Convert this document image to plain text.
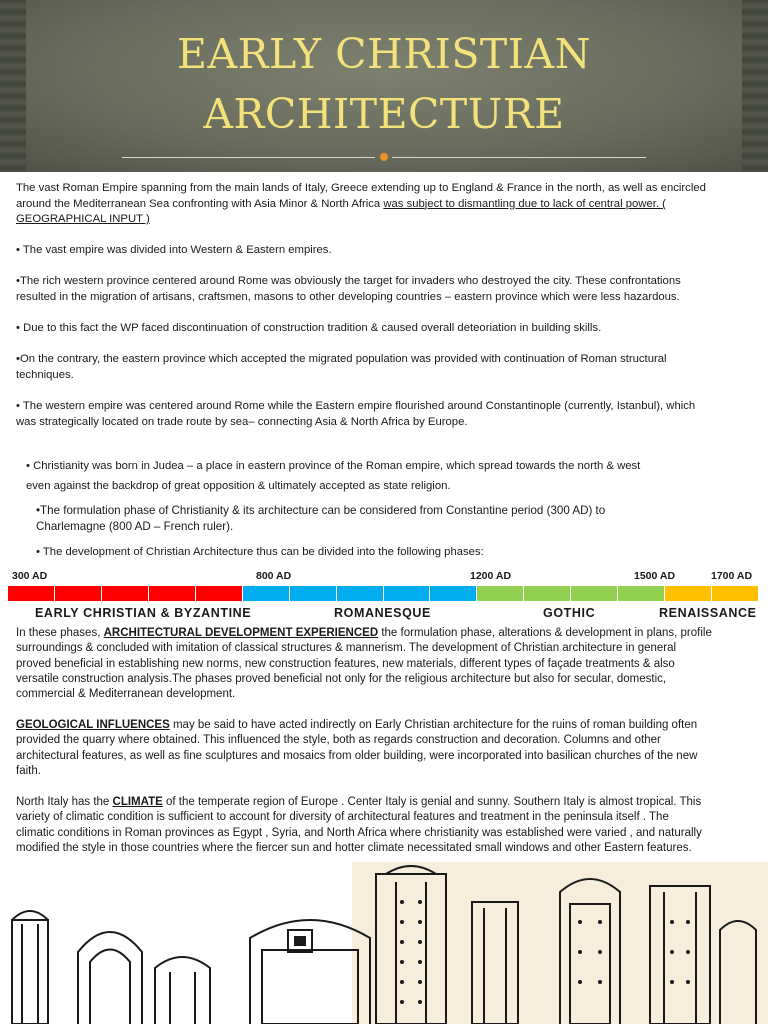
EARLY CHRISTIAN
ARCHITECTURE
The vast Roman Empire spanning from the main lands of Italy, Greece extending up to England & France in the north, as well as encircled
around the Mediterranean Sea confronting with Asia Minor & North Africa was subject to dismantling due to lack of central power. (
GEOGRAPHICAL INPUT )
• The vast empire was divided into Western & Eastern empires.
•The rich western province centered around Rome was obviously the target for invaders who destroyed the city. These confrontations
resulted in the migration of artisans, craftsmen, masons to other developing countries – eastern province which were less hazardous.
• Due to this fact the WP faced discontinuation of construction tradition & caused overall deteoriation in building skills.
•On the contrary, the eastern province which accepted the migrated population was provided with continuation of Roman structural
techniques.
• The western empire was centered around Rome while the Eastern empire flourished around Constantinople (currently, Istanbul), which
was strategically located on trade route by sea– connecting Asia & North Africa by Europe.
• Christianity was born in Judea – a place in eastern province of the Roman empire, which spread towards the north & west
even against the backdrop of great opposition & ultimately accepted as state religion.
•The formulation phase of Christianity & its architecture can be considered from Constantine period (300 AD) to
Charlemagne (800 AD – French ruler).
• The development of Christian Architecture thus can be divided into the following phases:
300 AD	800 AD	1200 AD	1500 AD	1700 AD
EARLY CHRISTIAN & BYZANTINE	ROMANESQUE	GOTHIC	RENAISSANCE
In these phases, ARCHITECTURAL DEVELOPMENT EXPERIENCED the formulation phase, alterations & development in plans, profile
surroundings & concluded with imitation of classical structures & mannerism. The development of Christian architecture in general
proved beneficial in establishing new norms, new construction features, new materials, different types of façade treatments & also
versatile construction analysis.The phases proved beneficial not only for the religious architecture but also for secular, domestic,
commercial & Mediterranean development.
GEOLOGICAL INFLUENCES may be said to have acted indirectly on Early Christian architecture for the ruins of roman building often
provided the quarry where obtained. This influenced the style, both as regards construction and decoration. Columns and other
architectural features, as well as fine sculptures and mosaics from older building, were incorporated into basilican churches of the new
faith.
North Italy has the CLIMATE of the temperate region of Europe . Center Italy is genial and sunny. Southern Italy is almost tropical. This
variety of climatic condition is sufficient to account for diversity of architectural features and treatment in the peninsula itself . The
climatic conditions in Roman provinces as Egypt , Syria, and North Africa where christianity was established were varied , and naturally
modified the style in those countries where the fiercer sun and hotter climate necessitated small windows and other Eastern features.
